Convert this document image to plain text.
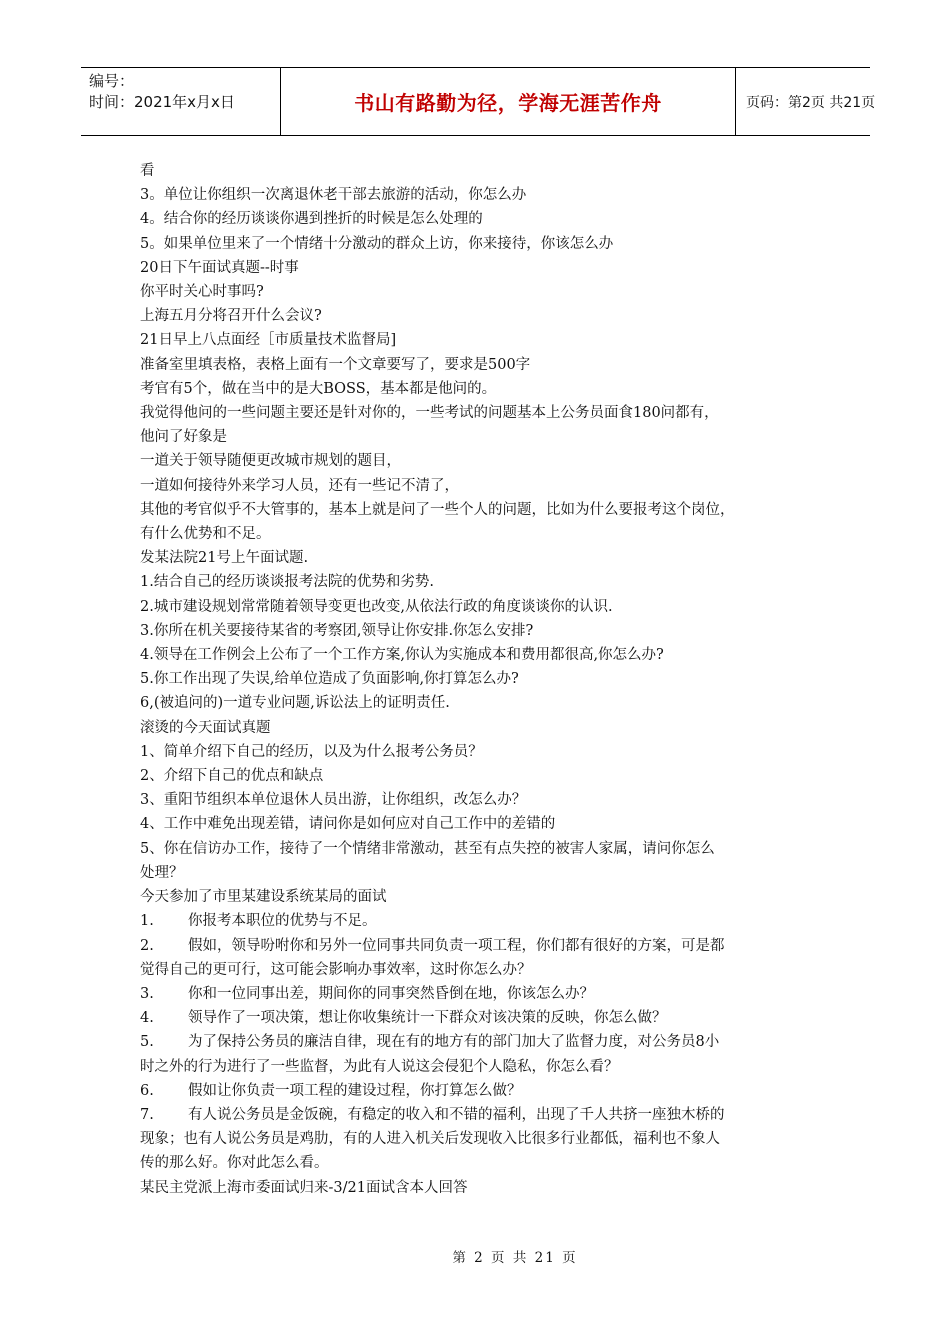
编号：
时间：2021年x月x日	书山有路勤为径，学海无涯苦作舟	页码：第2页 共21页
看
3。单位让你组织一次离退休老干部去旅游的活动，你怎么办
4。结合你的经历谈谈你遇到挫折的时候是怎么处理的
5。如果单位里来了一个情绪十分激动的群众上访，你来接待，你该怎么办
20日下午面试真题--时事
你平时关心时事吗?
上海五月分将召开什么会议?
21日早上八点面经［市质量技术监督局]
准备室里填表格，表格上面有一个文章要写了，要求是500字
考官有5个，做在当中的是大BOSS，基本都是他问的。
我觉得他问的一些问题主要还是针对你的，一些考试的问题基本上公务员面食180问都有，
他问了好象是
一道关于领导随便更改城市规划的题目，
一道如何接待外来学习人员，还有一些记不清了，
其他的考官似乎不大管事的，基本上就是问了一些个人的问题，比如为什么要报考这个岗位，
有什么优势和不足。
发某法院21号上午面试题.
1.结合自己的经历谈谈报考法院的优势和劣势.
2.城市建设规划常常随着领导变更也改变,从依法行政的角度谈谈你的认识.
3.你所在机关要接待某省的考察团,领导让你安排.你怎么安排?
4.领导在工作例会上公布了一个工作方案,你认为实施成本和费用都很高,你怎么办?
5.你工作出现了失误,给单位造成了负面影响,你打算怎么办?
6,(被追问的)一道专业问题,诉讼法上的证明责任.
滚烫的今天面试真题
1、简单介绍下自己的经历，以及为什么报考公务员？
2、介绍下自己的优点和缺点
3、重阳节组织本单位退休人员出游，让你组织，改怎么办？
4、工作中难免出现差错，请问你是如何应对自己工作中的差错的
5、你在信访办工作，接待了一个情绪非常激动，甚至有点失控的被害人家属，请问你怎么
处理？
今天参加了市里某建设系统某局的面试
1. 你报考本职位的优势与不足。
2. 假如，领导吩咐你和另外一位同事共同负责一项工程，你们都有很好的方案，可是都
觉得自己的更可行，这可能会影响办事效率，这时你怎么办？
3. 你和一位同事出差，期间你的同事突然昏倒在地，你该怎么办？
4. 领导作了一项决策，想让你收集统计一下群众对该决策的反映，你怎么做？
5. 为了保持公务员的廉洁自律，现在有的地方有的部门加大了监督力度，对公务员8小
时之外的行为进行了一些监督，为此有人说这会侵犯个人隐私，你怎么看？
6. 假如让你负责一项工程的建设过程，你打算怎么做？
7. 有人说公务员是金饭碗，有稳定的收入和不错的福利，出现了千人共挤一座独木桥的
现象；也有人说公务员是鸡肋，有的人进入机关后发现收入比很多行业都低，福利也不象人
传的那么好。你对此怎么看。
某民主党派上海市委面试归来-3/21面试含本人回答
第 2 页 共 21 页
